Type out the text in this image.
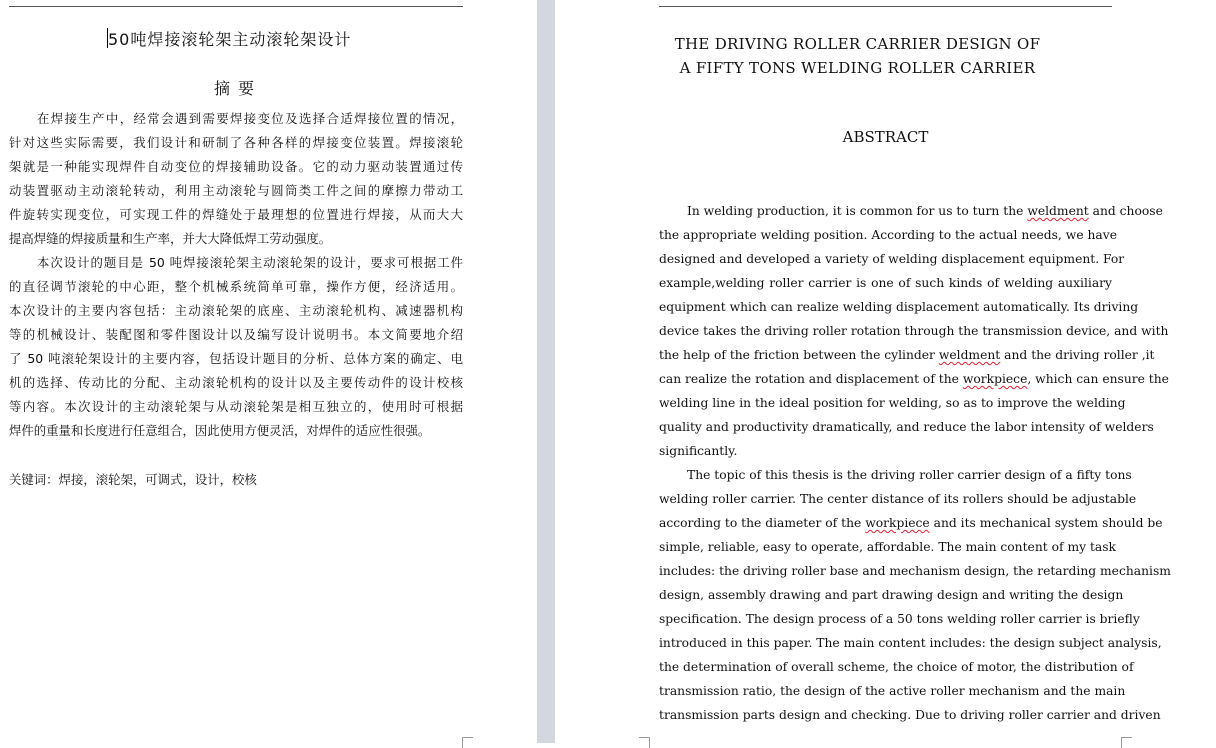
50吨焊接滚轮架主动滚轮架设计
摘要
在焊接生产中，经常会遇到需要焊接变位及选择合适焊接位置的情况，
针对这些实际需要，我们设计和研制了各种各样的焊接变位装置。焊接滚轮
架就是一种能实现焊件自动变位的焊接辅助设备。它的动力驱动装置通过传
动装置驱动主动滚轮转动，利用主动滚轮与圆筒类工件之间的摩擦力带动工
件旋转实现变位，可实现工件的焊缝处于最理想的位置进行焊接，从而大大
提高焊缝的焊接质量和生产率，并大大降低焊工劳动强度。
本次设计的题目是 50 吨焊接滚轮架主动滚轮架的设计，要求可根据工件
的直径调节滚轮的中心距，整个机械系统简单可靠，操作方便，经济适用。
本次设计的主要内容包括：主动滚轮架的底座、主动滚轮机构、减速器机构
等的机械设计、装配图和零件图设计以及编写设计说明书。本文简要地介绍
了 50 吨滚轮架设计的主要内容，包括设计题目的分析、总体方案的确定、电
机的选择、传动比的分配、主动滚轮机构的设计以及主要传动件的设计校核
等内容。本次设计的主动滚轮架与从动滚轮架是相互独立的，使用时可根据
焊件的重量和长度进行任意组合，因此使用方便灵活，对焊件的适应性很强。
关键词：焊接，滚轮架，可调式，设计，校核
THE DRIVING ROLLER CARRIER DESIGN OF
A FIFTY TONS WELDING ROLLER CARRIER
ABSTRACT
In welding production, it is common for us to turn the weldment and choose
the appropriate welding position. According to the actual needs, we have
designed and developed a variety of welding displacement equipment. For
example,welding roller carrier is one of such kinds of welding auxiliary
equipment which can realize welding displacement automatically. Its driving
device takes the driving roller rotation through the transmission device, and with
the help of the friction between the cylinder weldment and the driving roller ,it
can realize the rotation and displacement of the workpiece, which can ensure the
welding line in the ideal position for welding, so as to improve the welding
quality and productivity dramatically, and reduce the labor intensity of welders
significantly.
The topic of this thesis is the driving roller carrier design of a fifty tons
welding roller carrier. The center distance of its rollers should be adjustable
according to the diameter of the workpiece and its mechanical system should be
simple, reliable, easy to operate, affordable. The main content of my task
includes: the driving roller base and mechanism design, the retarding mechanism
design, assembly drawing and part drawing design and writing the design
specification. The design process of a 50 tons welding roller carrier is briefly
introduced in this paper. The main content includes: the design subject analysis,
the determination of overall scheme, the choice of motor, the distribution of
transmission ratio, the design of the active roller mechanism and the main
transmission parts design and checking. Due to driving roller carrier and driven
